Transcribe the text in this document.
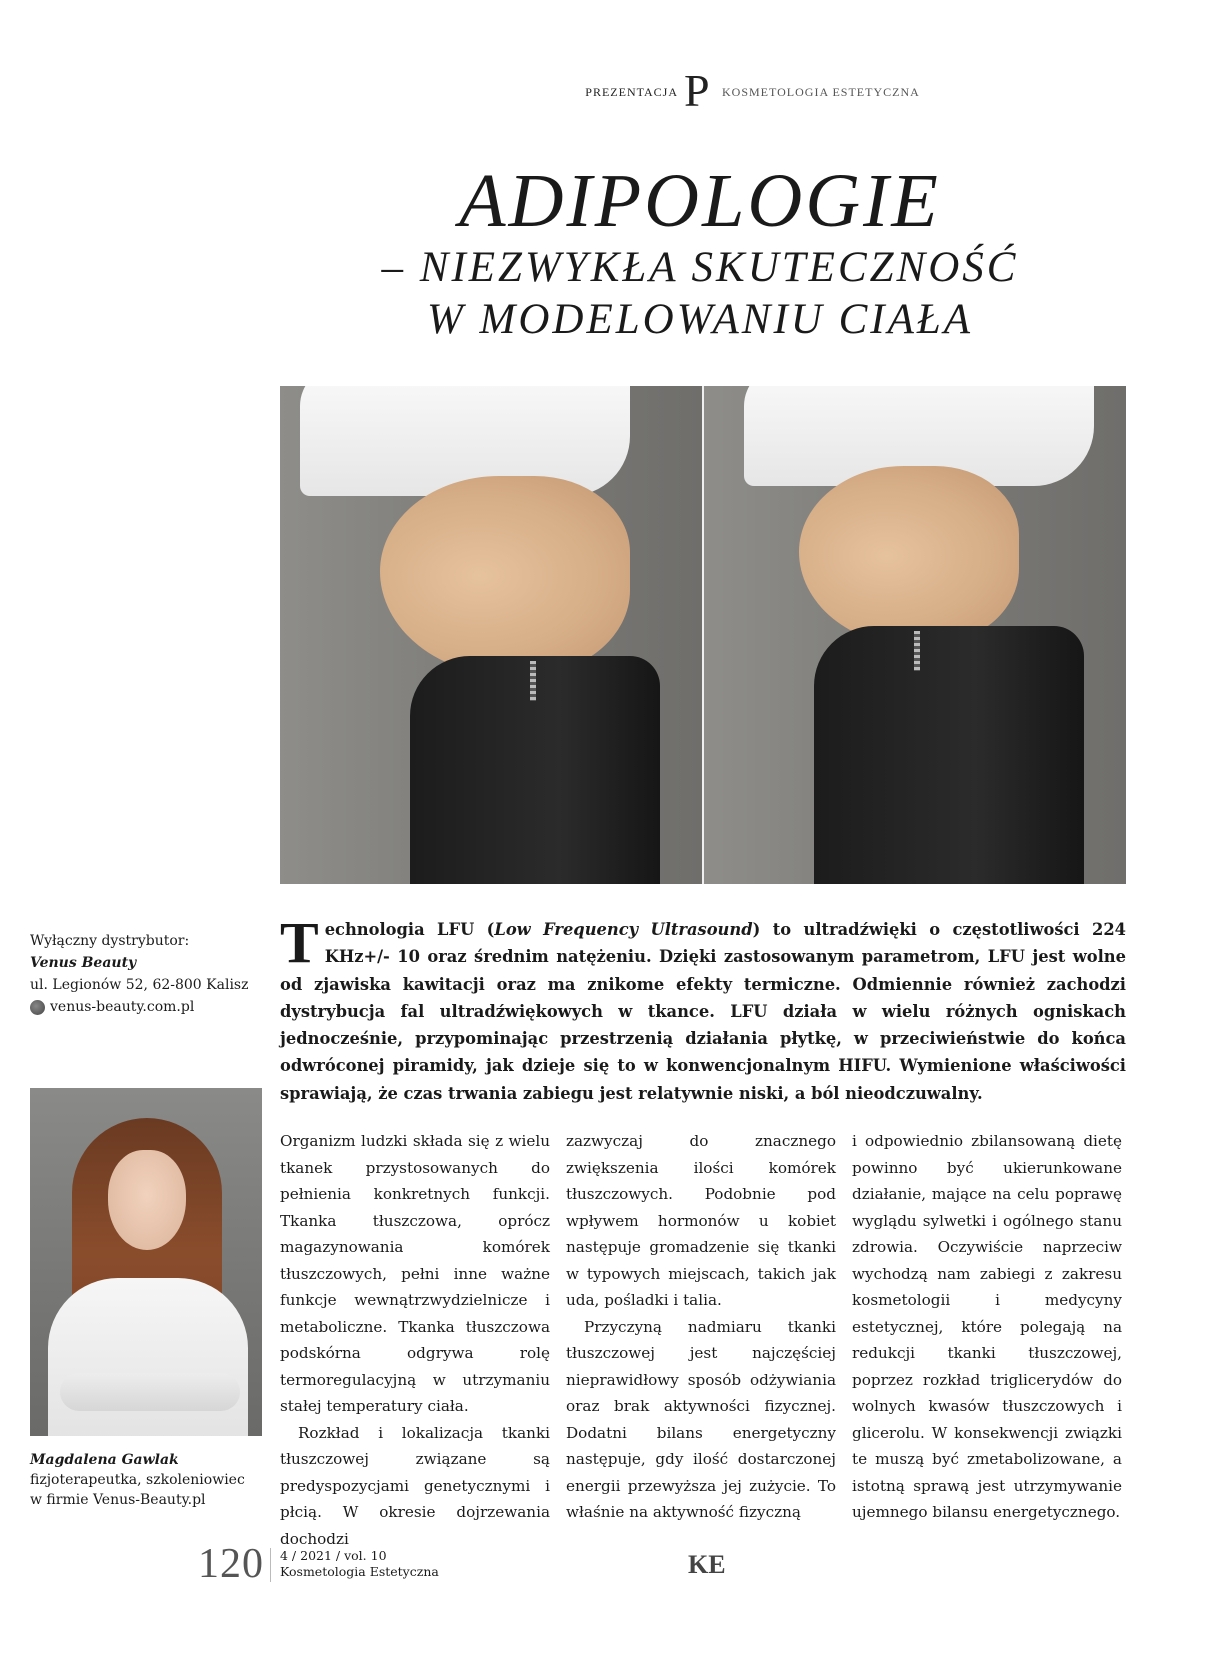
PREZENTACJA P KOSMETOLOGIA ESTETYCZNA
ADIPOLOGIE
– NIEZWYKŁA SKUTECZNOŚĆ
W MODELOWANIU CIAŁA
Wyłączny dystrybutor:
Venus Beauty
ul. Legionów 52, 62-800 Kalisz
venus-beauty.com.pl
Magdalena Gawlak
fizjoterapeutka, szkoleniowiec
w firmie Venus-Beauty.pl
Technologia LFU (Low Frequency Ultrasound) to ultradźwięki o częstotliwości 224 KHz+/- 10 oraz średnim natężeniu. Dzięki zastosowanym parametrom, LFU jest wolne od zjawiska kawitacji oraz ma znikome efekty termiczne. Odmiennie również zachodzi dystrybucja fal ultradźwiękowych w tkance. LFU działa w wielu różnych ogniskach jednocześnie, przypominając przestrzenią działania płytkę, w przeciwieństwie do końca odwróconej piramidy, jak dzieje się to w konwencjonalnym HIFU. Wymienione właściwości sprawiają, że czas trwania zabiegu jest relatywnie niski, a ból nieodczuwalny.

Organizm ludzki składa się z wielu tkanek przystosowanych do pełnienia konkretnych funkcji. Tkanka tłuszczowa, oprócz magazynowania komórek tłuszczowych, pełni inne ważne funkcje wewnątrzwydzielnicze i metaboliczne. Tkanka tłuszczowa podskórna odgrywa rolę termoregulacyjną w utrzymaniu stałej temperatury ciała.

Rozkład i lokalizacja tkanki tłuszczowej związane są predyspozycjami genetycznymi i płcią. W okresie dojrzewania dochodzi

zazwyczaj do znacznego zwiększenia ilości komórek tłuszczowych. Podobnie pod wpływem hormonów u kobiet następuje gromadzenie się tkanki w typowych miejscach, takich jak uda, pośladki i talia.

Przyczyną nadmiaru tkanki tłuszczowej jest najczęściej nieprawidłowy sposób odżywiania oraz brak aktywności fizycznej. Dodatni bilans energetyczny następuje, gdy ilość dostarczonej energii przewyższa jej zużycie. To właśnie na aktywność fizyczną

i odpowiednio zbilansowaną dietę powinno być ukierunkowane działanie, mające na celu poprawę wyglądu sylwetki i ogólnego stanu zdrowia. Oczywiście naprzeciw wychodzą nam zabiegi z zakresu kosmetologii i medycyny estetycznej, które polegają na redukcji tkanki tłuszczowej, poprzez rozkład triglicerydów do wolnych kwasów tłuszczowych i glicerolu. W konsekwencji związki te muszą być zmetabolizowane, a istotną sprawą jest utrzymywanie ujemnego bilansu energetycznego.

120 4 / 2021 / vol. 10
Kosmetologia Estetyczna	KE
